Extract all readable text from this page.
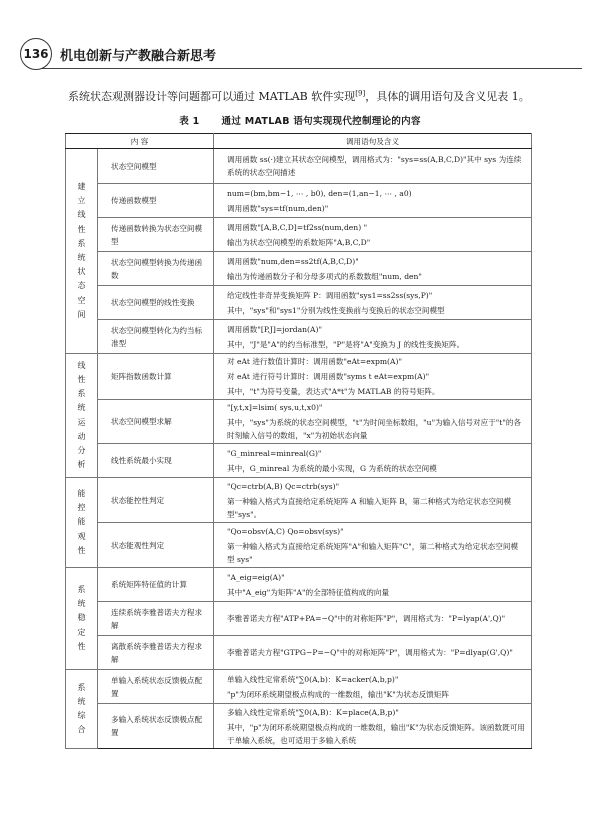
136 机电创新与产教融合新思考
系统状态观测器设计等问题都可以通过 MATLAB 软件实现[9]，具体的调用语句及含义见表 1。
表 1 通过 MATLAB 语句实现现代控制理论的内容
内 容		调用语句及含义

建立线性系统状态空间	状态空间模型	调用函数 ss(·)建立其状态空间模型，调用格式为："sys=ss(A,B,C,D)"其中 sys 为连续系统的状态空间描述

	传递函数模型	num=(bm,bm−1, ⋯ , b0), den=(1,an−1, ⋯ , a0)

调用函数"sys=tf(num,den)"

	传递函数转换为状态空间模型	调用函数"[A,B,C,D]=tf2ss(num,den) "

输出为状态空间模型的系数矩阵"A,B,C,D"

	状态空间模型转换为传递函数	调用函数"num,den=ss2tf(A,B,C,D)"

输出为传递函数分子和分母多项式的系数数组"num, den"

	状态空间模型的线性变换	给定线性非奇异变换矩阵 P：调用函数"sys1=ss2ss(sys,P)"

其中，"sys"和"sys1"分别为线性变换前与变换后的状态空间模型

	状态空间模型转化为约当标准型	调用函数"[P,J]=jordan(A)"

其中，"J"是"A"的约当标准型，"P"是将"A"变换为 J 的线性变换矩阵。

线性系统运动分析	矩阵指数函数计算	对 eAt 进行数值计算时：调用函数"eAt=expm(A)"

对 eAt 进行符号计算时：调用函数"syms t eAt=expm(A)"

其中，"t"为符号变量，表达式"A*t"为 MATLAB 的符号矩阵。

	状态空间模型求解	"[y,t,x]=lsim( sys,u,t,x0)"

其中，"sys"为系统的状态空间模型，"t"为时间坐标数组，"u"为输入信号对应于"t"的各时刻输入信号的数组，"x"为初始状态向量

	线性系统最小实现	"G_minreal=minreal(G)"

其中，G_minreal 为系统的最小实现，G 为系统的状态空间模

能控能观性	状态能控性判定	"Qc=ctrb(A,B) Qc=ctrb(sys)"

第一种输入格式为直接给定系统矩阵 A 和输入矩阵 B，第二种格式为给定状态空间模型"sys"。

	状态能观性判定	"Qo=obsv(A,C) Qo=obsv(sys)"

第一种输入格式为直接给定系统矩阵"A"和输入矩阵"C"，第二种格式为给定状态空间模型 sys"

系统稳定性	系统矩阵特征值的计算	"A_eig=eig(A)"

其中"A_eig"为矩阵"A"的全部特征值构成的向量

	连续系统李雅普诺夫方程求解	李雅普诺夫方程"ATP+PA=−Q"中的对称矩阵"P"，调用格式为："P=lyap(A',Q)"

	离散系统李雅普诺夫方程求解	李雅普诺夫方程"GTPG−P=−Q"中的对称矩阵"P"，调用格式为："P=dlyap(G',Q)"

系统综合	单输入系统状态反馈极点配置	单输入线性定常系统"∑0(A,b)：K=acker(A,b,p)"

"p"为闭环系统期望极点构成的一维数组，输出"K"为状态反馈矩阵

	多输入系统状态反馈极点配置	多输入线性定常系统"∑0(A,B)：K=place(A,B,p)"

其中，"p"为闭环系统期望极点构成的一维数组，输出"K"为状态反馈矩阵。该函数既可用于单输入系统，也可适用于多输入系统
